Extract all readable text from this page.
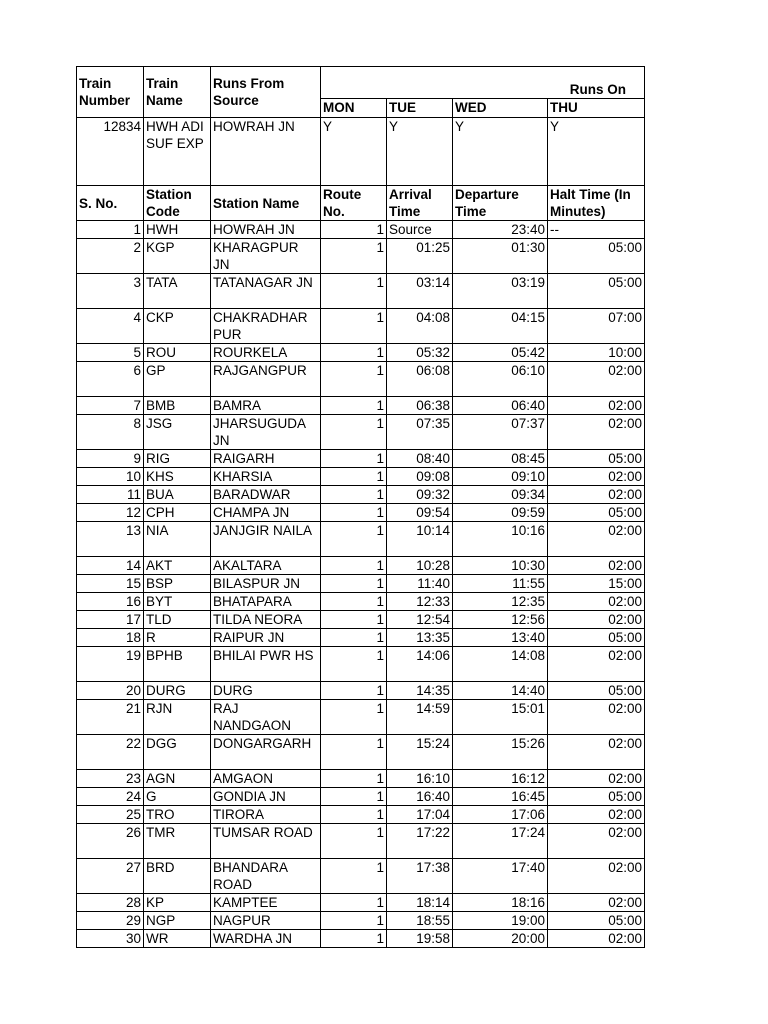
Train Number	Train Name	Runs From Source	Runs On			
			MON	TUE	WED	THU
12834	HWH ADI SUF EXP	HOWRAH JN	Y	Y	Y	Y
S. No.	Station Code	Station Name	Route No.	Arrival Time	Departure Time	Halt Time (In Minutes)
1	HWH	HOWRAH JN	1	Source	23:40	--
2	KGP	KHARAGPUR JN	1	01:25	01:30	05:00
3	TATA	TATANAGAR JN	1	03:14	03:19	05:00
4	CKP	CHAKRADHAR PUR	1	04:08	04:15	07:00
5	ROU	ROURKELA	1	05:32	05:42	10:00
6	GP	RAJGANGPUR	1	06:08	06:10	02:00
7	BMB	BAMRA	1	06:38	06:40	02:00
8	JSG	JHARSUGUDA JN	1	07:35	07:37	02:00
9	RIG	RAIGARH	1	08:40	08:45	05:00
10	KHS	KHARSIA	1	09:08	09:10	02:00
11	BUA	BARADWAR	1	09:32	09:34	02:00
12	CPH	CHAMPA JN	1	09:54	09:59	05:00
13	NIA	JANJGIR NAILA	1	10:14	10:16	02:00
14	AKT	AKALTARA	1	10:28	10:30	02:00
15	BSP	BILASPUR JN	1	11:40	11:55	15:00
16	BYT	BHATAPARA	1	12:33	12:35	02:00
17	TLD	TILDA NEORA	1	12:54	12:56	02:00
18	R	RAIPUR JN	1	13:35	13:40	05:00
19	BPHB	BHILAI PWR HS	1	14:06	14:08	02:00
20	DURG	DURG	1	14:35	14:40	05:00
21	RJN	RAJ NANDGAON	1	14:59	15:01	02:00
22	DGG	DONGARGARH	1	15:24	15:26	02:00
23	AGN	AMGAON	1	16:10	16:12	02:00
24	G	GONDIA JN	1	16:40	16:45	05:00
25	TRO	TIRORA	1	17:04	17:06	02:00
26	TMR	TUMSAR ROAD	1	17:22	17:24	02:00
27	BRD	BHANDARA ROAD	1	17:38	17:40	02:00
28	KP	KAMPTEE	1	18:14	18:16	02:00
29	NGP	NAGPUR	1	18:55	19:00	05:00
30	WR	WARDHA JN	1	19:58	20:00	02:00
